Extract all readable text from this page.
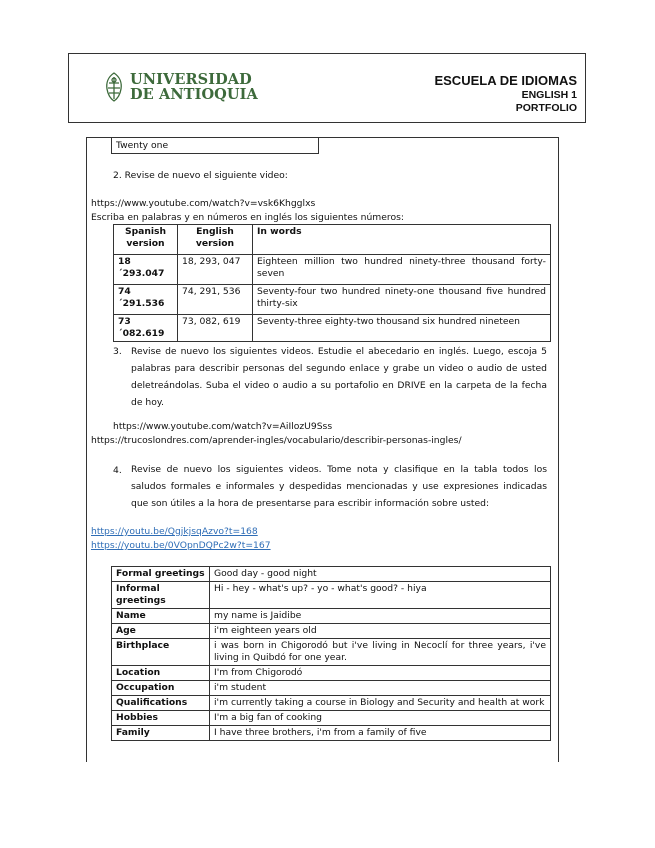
UNIVERSIDAD
DE ANTIOQUIA
ESCUELA DE IDIOMAS
ENGLISH 1
PORTFOLIO
Twenty one
2. Revise de nuevo el siguiente video:
https://www.youtube.com/watch?v=vsk6Khgglxs
Escriba en palabras y en números en inglés los siguientes números:
Spanish version	English version	In words
18´293.047	18, 293, 047	Eighteen million two hundred ninety-three thousand forty-seven
74´291.536	74, 291, 536	Seventy-four two hundred ninety-one thousand five hundred thirty-six
73´082.619	73, 082, 619	Seventy-three eighty-two thousand six hundred nineteen
3. Revise de nuevo los siguientes videos. Estudie el abecedario en inglés. Luego, escoja 5 palabras para describir personas del segundo enlace y grabe un video o audio de usted deletreándolas. Suba el video o audio a su portafolio en DRIVE en la carpeta de la fecha de hoy.
https://www.youtube.com/watch?v=AiIlozU9Sss
https://trucoslondres.com/aprender-ingles/vocabulario/describir-personas-ingles/
4. Revise de nuevo los siguientes videos. Tome nota y clasifique en la tabla todos los saludos formales e informales y despedidas mencionadas y use expresiones indicadas que son útiles a la hora de presentarse para escribir información sobre usted:
https://youtu.be/QgjkjsqAzvo?t=168
https://youtu.be/0VOpnDQPc2w?t=167
Formal greetings	Good day - good night
Informal greetings	Hi - hey - what's up? - yo - what's good? - hiya
Name	my name is Jaidibe
Age	i'm eighteen years old
Birthplace	i was born in Chigorodó but i've living in Necoclí for three years, i've living in Quibdó for one year.
Location	I'm from Chigorodó
Occupation	i'm student
Qualifications	i'm currently taking a course in Biology and Security and health at work
Hobbies	I'm a big fan of cooking
Family	I have three brothers, i'm from a family of five
